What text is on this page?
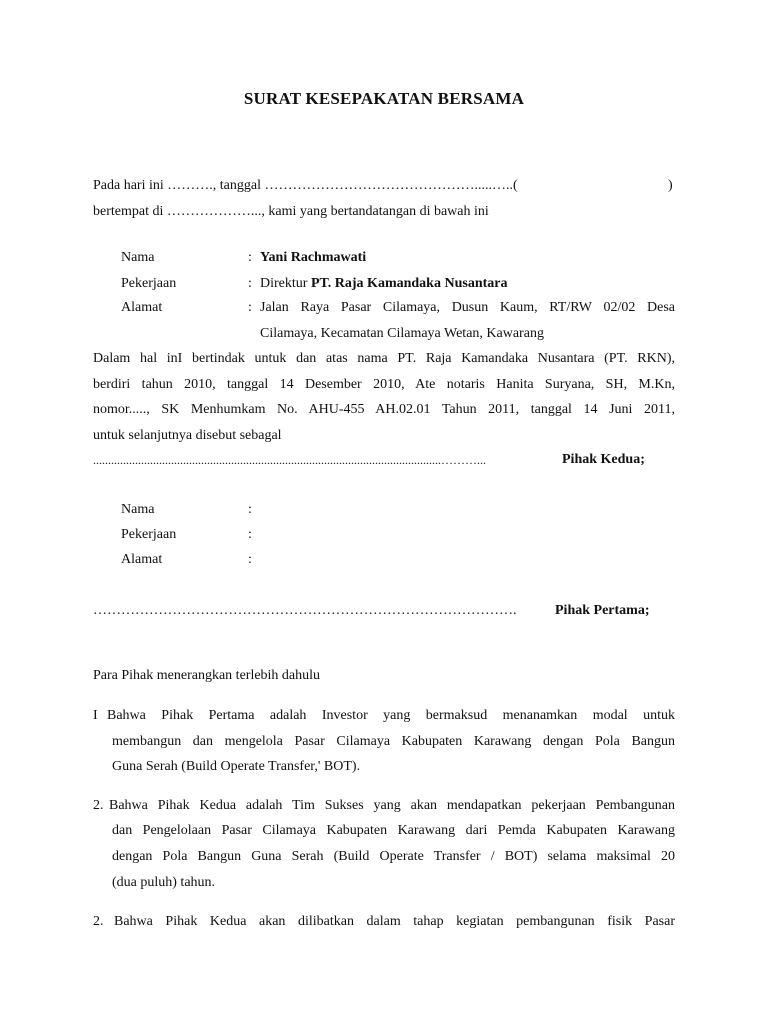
SURAT KESEPAKATAN BERSAMA
Pada hari ini ………., tanggal ……………………………………….....…..(	)
bertempat di ………………..., kami yang bertandatangan di bawah ini
Nama	: Yani Rachmawati
Pekerjaan	: Direktur PT. Raja Kamandaka Nusantara
Alamat	: Jalan Raya Pasar Cilamaya, Dusun Kaum, RT/RW 02/02 Desa
Cilamaya, Kecamatan Cilamaya Wetan, Kawarang
Dalam hal inI bertindak untuk dan atas nama PT. Raja Kamandaka Nusantara (PT. RKN),
berdiri tahun 2010, tanggal 14 Desember 2010, Ate notaris Hanita Suryana, SH, M.Kn,
nomor....., SK Menhumkam No. AHU-455 AH.02.01 Tahun 2011, tanggal 14 Juni 2011,
untuk selanjutnya disebut sebagal
....................................................................................................................………...	Pihak Kedua;
Nama	:
Pekerjaan	:
Alamat	:
……………………………………………………………………………….	Pihak Pertama;
Para Pihak menerangkan terlebih dahulu
I Bahwa Pihak Pertama adalah Investor yang bermaksud menanamkan modal untuk
membangun dan mengelola Pasar Cilamaya Kabupaten Karawang dengan Pola Bangun
Guna Serah (Build Operate Transfer,' BOT).
2. Bahwa Pihak Kedua adalah Tim Sukses yang akan mendapatkan pekerjaan Pembangunan
dan Pengelolaan Pasar Cilamaya Kabupaten Karawang dari Pemda Kabupaten Karawang
dengan Pola Bangun Guna Serah (Build Operate Transfer / BOT) selama maksimal 20
(dua puluh) tahun.
2. Bahwa Pihak Kedua akan dilibatkan dalam tahap kegiatan pembangunan fisik Pasar
